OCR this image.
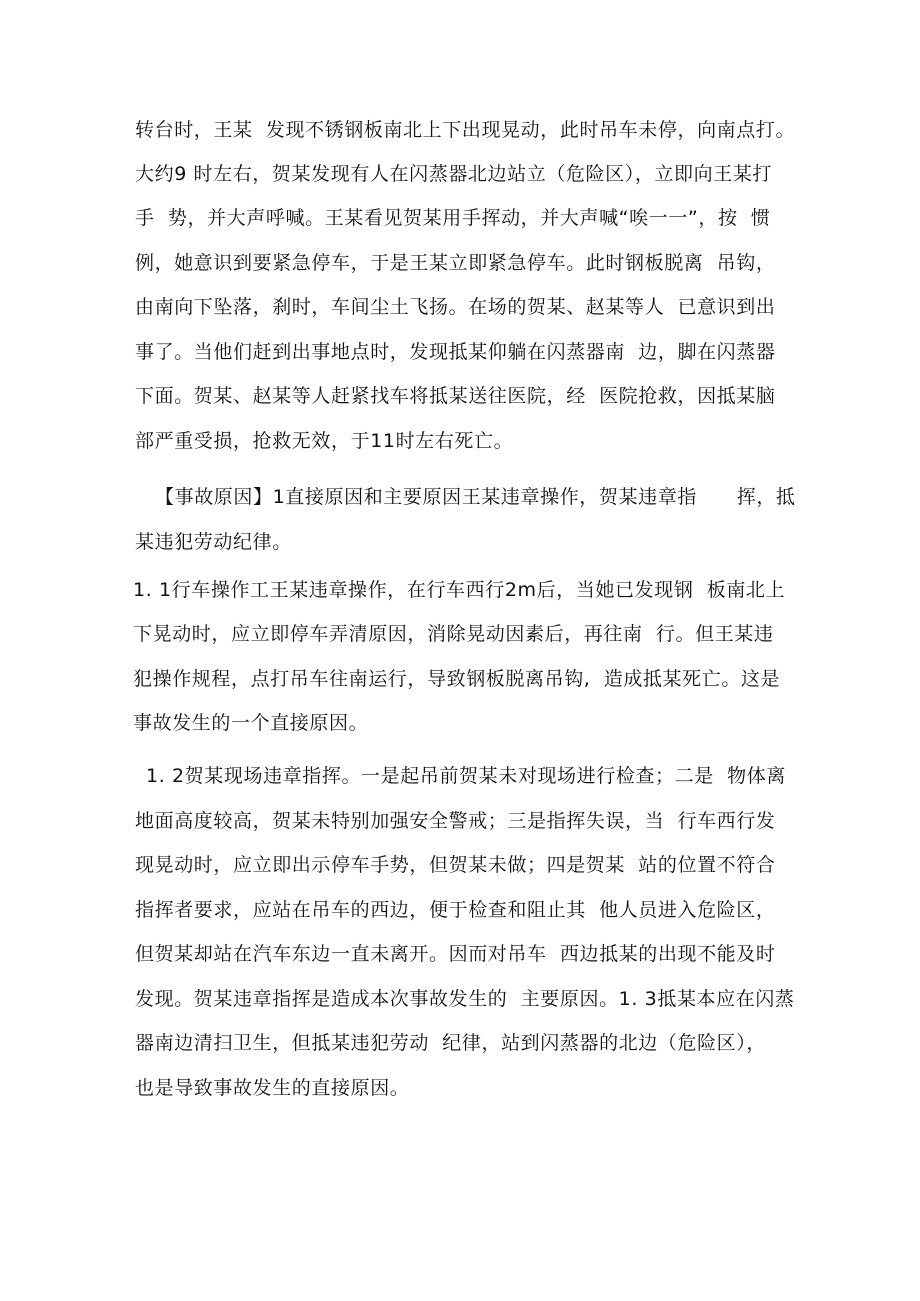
转台时，王某  发现不锈钢板南北上下出现晃动，此时吊车未停，向南点打。
大约9 时左右，贺某发现有人在闪蒸器北边站立（危险区），立即向王某打
手  势，并大声呼喊。王某看见贺某用手挥动，并大声喊“唉一一”，按  惯
例，她意识到要紧急停车，于是王某立即紧急停车。此时钢板脱离  吊钩，
由南向下坠落，刹时，车间尘土飞扬。在场的贺某、赵某等人  已意识到出
事了。当他们赶到出事地点时，发现抵某仰躺在闪蒸器南  边，脚在闪蒸器
下面。贺某、赵某等人赶紧找车将抵某送往医院，经  医院抢救，因抵某脑
部严重受损，抢救无效，于11时左右死亡。
【事故原因】1直接原因和主要原因王某违章操作，贺某违章指      挥，抵
某违犯劳动纪律。
1. 1行车操作工王某违章操作，在行车西行2m后，当她已发现钢  板南北上
下晃动时，应立即停车弄清原因，消除晃动因素后，再往南  行。但王某违
犯操作规程，点打吊车往南运行，导致钢板脱离吊钩,  造成抵某死亡。这是
事故发生的一个直接原因。
1. 2贺某现场违章指挥。一是起吊前贺某未对现场进行检查；二是  物体离
地面高度较高，贺某未特别加强安全警戒；三是指挥失误，当  行车西行发
现晃动时，应立即出示停车手势，但贺某未做；四是贺某  站的位置不符合
指挥者要求，应站在吊车的西边，便于检查和阻止其  他人员进入危险区，
但贺某却站在汽车东边一直未离开。因而对吊车  西边抵某的出现不能及时
发现。贺某违章指挥是造成本次事故发生的  主要原因。1. 3抵某本应在闪蒸
器南边清扫卫生，但抵某违犯劳动  纪律，站到闪蒸器的北边（危险区），
也是导致事故发生的直接原因。
